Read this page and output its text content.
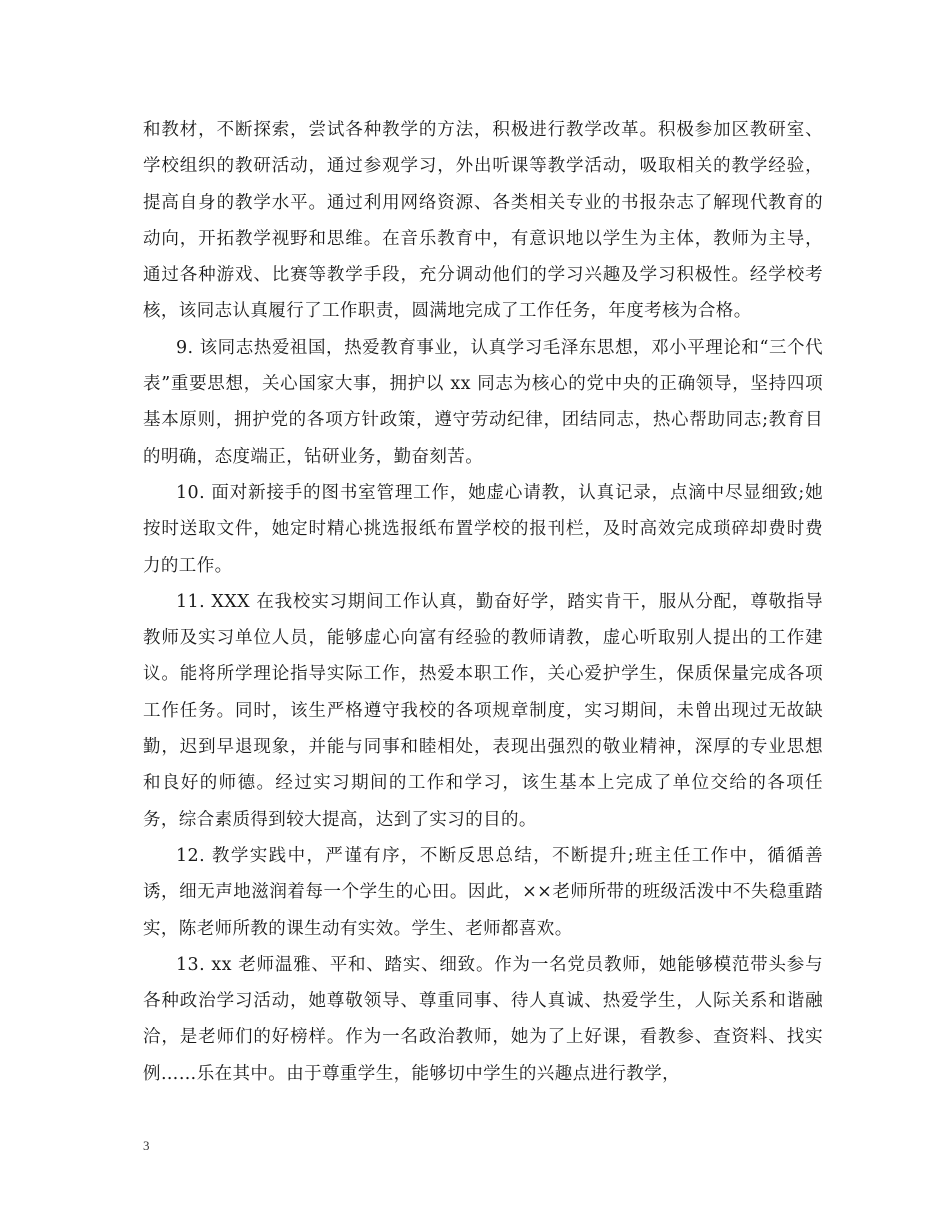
和教材，不断探索，尝试各种教学的方法，积极进行教学改革。积极参加区教研室、学校组织的教研活动，通过参观学习，外出听课等教学活动，吸取相关的教学经验，提高自身的教学水平。通过利用网络资源、各类相关专业的书报杂志了解现代教育的动向，开拓教学视野和思维。在音乐教育中，有意识地以学生为主体，教师为主导，通过各种游戏、比赛等教学手段，充分调动他们的学习兴趣及学习积极性。经学校考核，该同志认真履行了工作职责，圆满地完成了工作任务，年度考核为合格。

9. 该同志热爱祖国，热爱教育事业，认真学习毛泽东思想，邓小平理论和“三个代表”重要思想，关心国家大事，拥护以 xx 同志为核心的党中央的正确领导，坚持四项基本原则，拥护党的各项方针政策，遵守劳动纪律，团结同志，热心帮助同志;教育目的明确，态度端正，钻研业务，勤奋刻苦。

10. 面对新接手的图书室管理工作，她虚心请教，认真记录，点滴中尽显细致;她按时送取文件，她定时精心挑选报纸布置学校的报刊栏，及时高效完成琐碎却费时费力的工作。

11. XXX 在我校实习期间工作认真，勤奋好学，踏实肯干，服从分配，尊敬指导教师及实习单位人员，能够虚心向富有经验的教师请教，虚心听取别人提出的工作建议。能将所学理论指导实际工作，热爱本职工作，关心爱护学生，保质保量完成各项工作任务。同时，该生严格遵守我校的各项规章制度，实习期间，未曾出现过无故缺勤，迟到早退现象，并能与同事和睦相处，表现出强烈的敬业精神，深厚的专业思想和良好的师德。经过实习期间的工作和学习，该生基本上完成了单位交给的各项任务，综合素质得到较大提高，达到了实习的目的。

12. 教学实践中，严谨有序，不断反思总结，不断提升;班主任工作中，循循善诱，细无声地滋润着每一个学生的心田。因此，××老师所带的班级活泼中不失稳重踏实，陈老师所教的课生动有实效。学生、老师都喜欢。

13. xx 老师温雅、平和、踏实、细致。作为一名党员教师，她能够模范带头参与各种政治学习活动，她尊敬领导、尊重同事、待人真诚、热爱学生，人际关系和谐融洽，是老师们的好榜样。作为一名政治教师，她为了上好课，看教参、查资料、找实例……乐在其中。由于尊重学生，能够切中学生的兴趣点进行教学，

3
